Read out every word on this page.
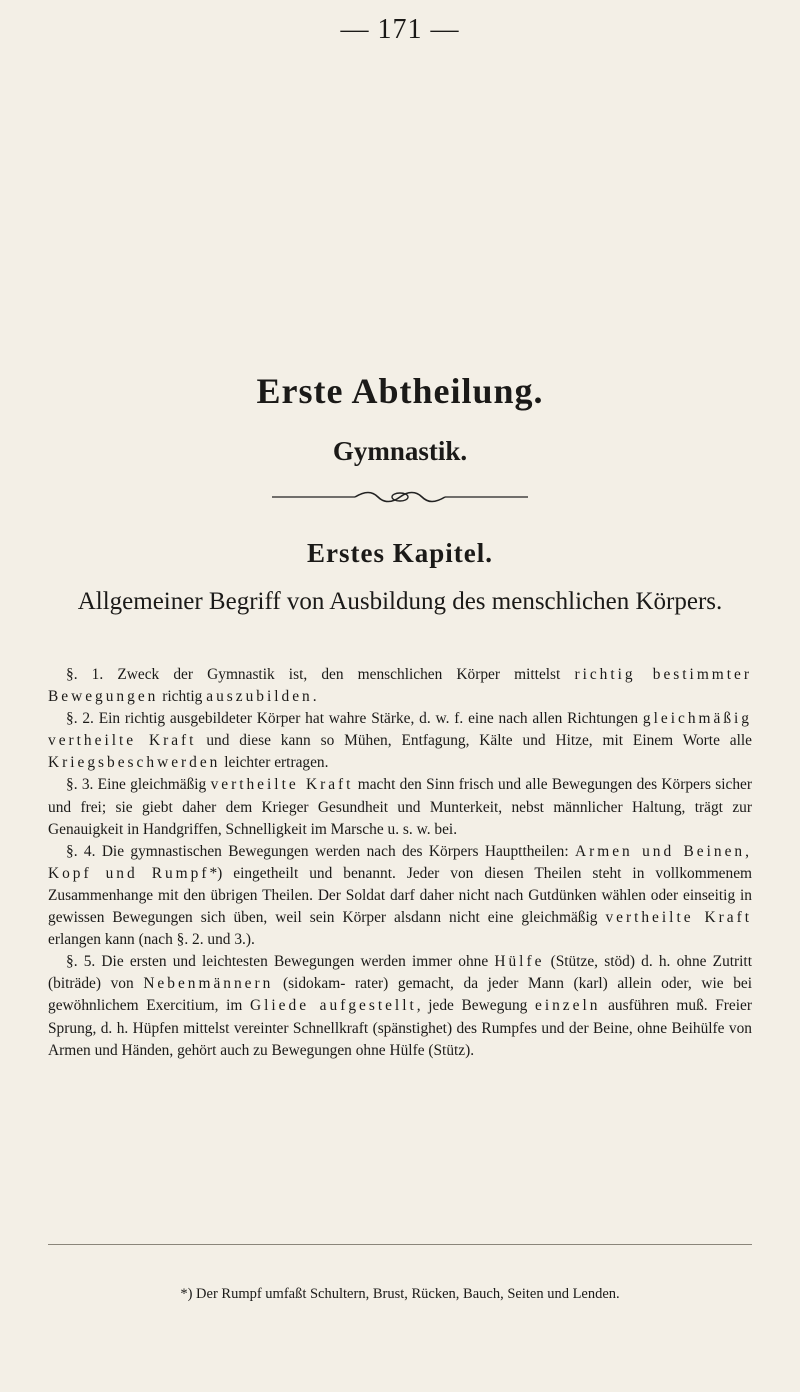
— 171 —
Erste Abtheilung.
Gymnastik.
Erstes Kapitel.
Allgemeiner Begriff von Ausbildung des menschlichen Körpers.

§. 1. Zweck der Gymnastik ist, den menschlichen Körper mittelst richtig bestimmter Bewegungen richtig auszubilden.

§. 2. Ein richtig ausgebildeter Körper hat wahre Stärke, d. w. f. eine nach allen Richtungen gleichmäßig vertheilte Kraft und diese kann so Mühen, Entfagung, Kälte und Hitze, mit Einem Worte alle Kriegsbeschwerden leichter ertragen.

§. 3. Eine gleichmäßig vertheilte Kraft macht den Sinn frisch und alle Bewegungen des Körpers sicher und frei; sie giebt daher dem Krieger Gesundheit und Munterkeit, nebst männlicher Haltung, trägt zur Genauigkeit in Handgriffen, Schnelligkeit im Marsche u. s. w. bei.

§. 4. Die gymnastischen Bewegungen werden nach des Körpers Haupttheilen: Armen und Beinen, Kopf und Rumpf*) eingetheilt und benannt. Jeder von diesen Theilen steht in vollkommenem Zusammenhange mit den übrigen Theilen. Der Soldat darf daher nicht nach Gutdünken wählen oder einseitig in gewissen Bewegungen sich üben, weil sein Körper alsdann nicht eine gleichmäßig vertheilte Kraft erlangen kann (nach §. 2. und 3.).

§. 5. Die ersten und leichtesten Bewegungen werden immer ohne Hülfe (Stütze, stöd) d. h. ohne Zutritt (biträde) von Nebenmännern (sidokam- rater) gemacht, da jeder Mann (karl) allein oder, wie bei gewöhnlichem Exercitium, im Gliede aufgestellt, jede Bewegung einzeln ausführen muß. Freier Sprung, d. h. Hüpfen mittelst vereinter Schnellkraft (spänstighet) des Rumpfes und der Beine, ohne Beihülfe von Armen und Händen, gehört auch zu Bewegungen ohne Hülfe (Stütz).

*) Der Rumpf umfaßt Schultern, Brust, Rücken, Bauch, Seiten und Lenden.
